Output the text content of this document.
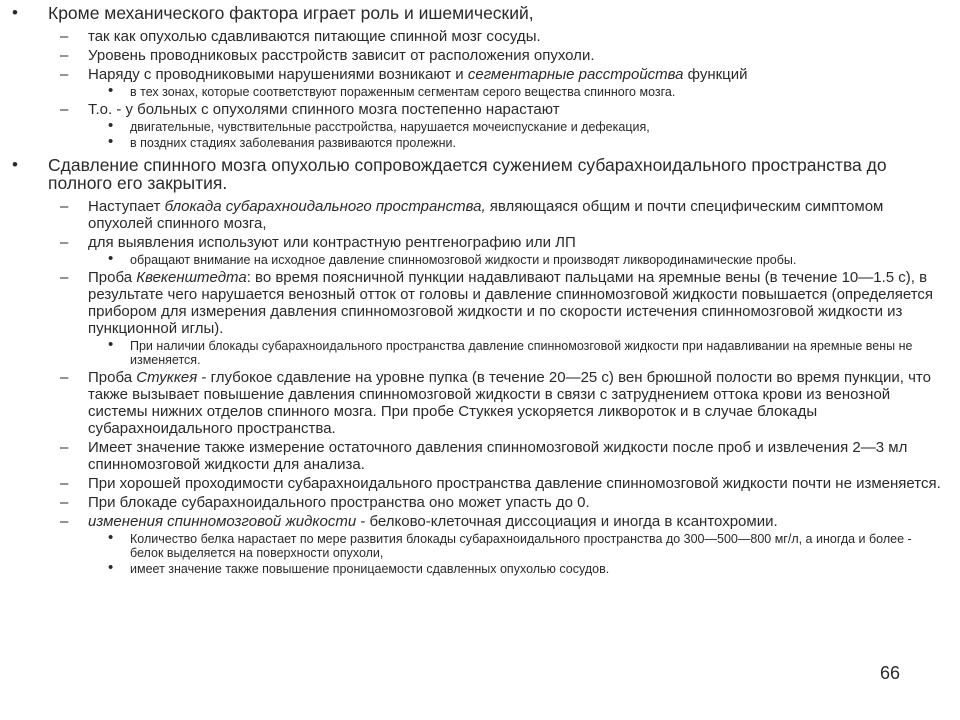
• Кроме механического фактора играет роль и ишемический,
– так как опухолью сдавливаются питающие спинной мозг сосуды.
– Уровень проводниковых расстройств зависит от расположения опухоли.
– Наряду с проводниковыми нарушениями возникают и сегментарные расстройства функций
• в тех зонах, которые соответствуют пораженным сегментам серого вещества спинного мозга.
– Т.о. - у больных с опухолями спинного мозга постепенно нарастают
• двигательные, чувствительные расстройства, нарушается мочеиспускание и дефекация,
• в поздних стадиях заболевания развиваются пролежни.
• Сдавление спинного мозга опухолью сопровождается сужением субарахноидального пространства до полного его закрытия.
– Наступает блокада субарахноидального пространства, являющаяся общим и почти специфическим симптомом опухолей спинного мозга,
– для выявления используют или контрастную рентгенографию или ЛП
• обращают внимание на исходное давление спинномозговой жидкости и производят ликвородинамические пробы.
– Проба Квекенштедта: во время поясничной пункции надавливают пальцами на яремные вены (в течение 10—1.5 с), в результате чего нарушается венозный отток от головы и давление спинномозговой жидкости повышается (определяется прибором для измерения давления спинномозговой жидкости и по скорости истечения спинномозговой жидкости из пункционной иглы).
• При наличии блокады субарахноидального пространства давление спинномозговой жидкости при надавливании на яремные вены не изменяется.
– Проба Стуккея - глубокое сдавление на уровне пупка (в течение 20—25 с) вен брюшной полости во время пункции, что также вызывает повышение давления спинномозговой жидкости в связи с затруднением оттока крови из венозной системы нижних отделов спинного мозга. При пробе Стуккея ускоряется ликвороток и в случае блокады субарахноидального пространства.
– Имеет значение также измерение остаточного давления спинномозговой жидкости после проб и извлечения 2—3 мл спинномозговой жидкости для анализа.
– При хорошей проходимости субарахноидального пространства давление спинномозговой жидкости почти не изменяется.
– При блокаде субарахноидального пространства оно может упасть до 0.
– изменения спинномозговой жидкости - белково-клеточная диссоциация и иногда в ксантохромии.
• Количество белка нарастает по мере развития блокады субарахноидального пространства до 300—500—800 мг/л, а иногда и более - белок выделяется на поверхности опухоли,
• имеет значение также повышение проницаемости сдавленных опухолью сосудов.
66
